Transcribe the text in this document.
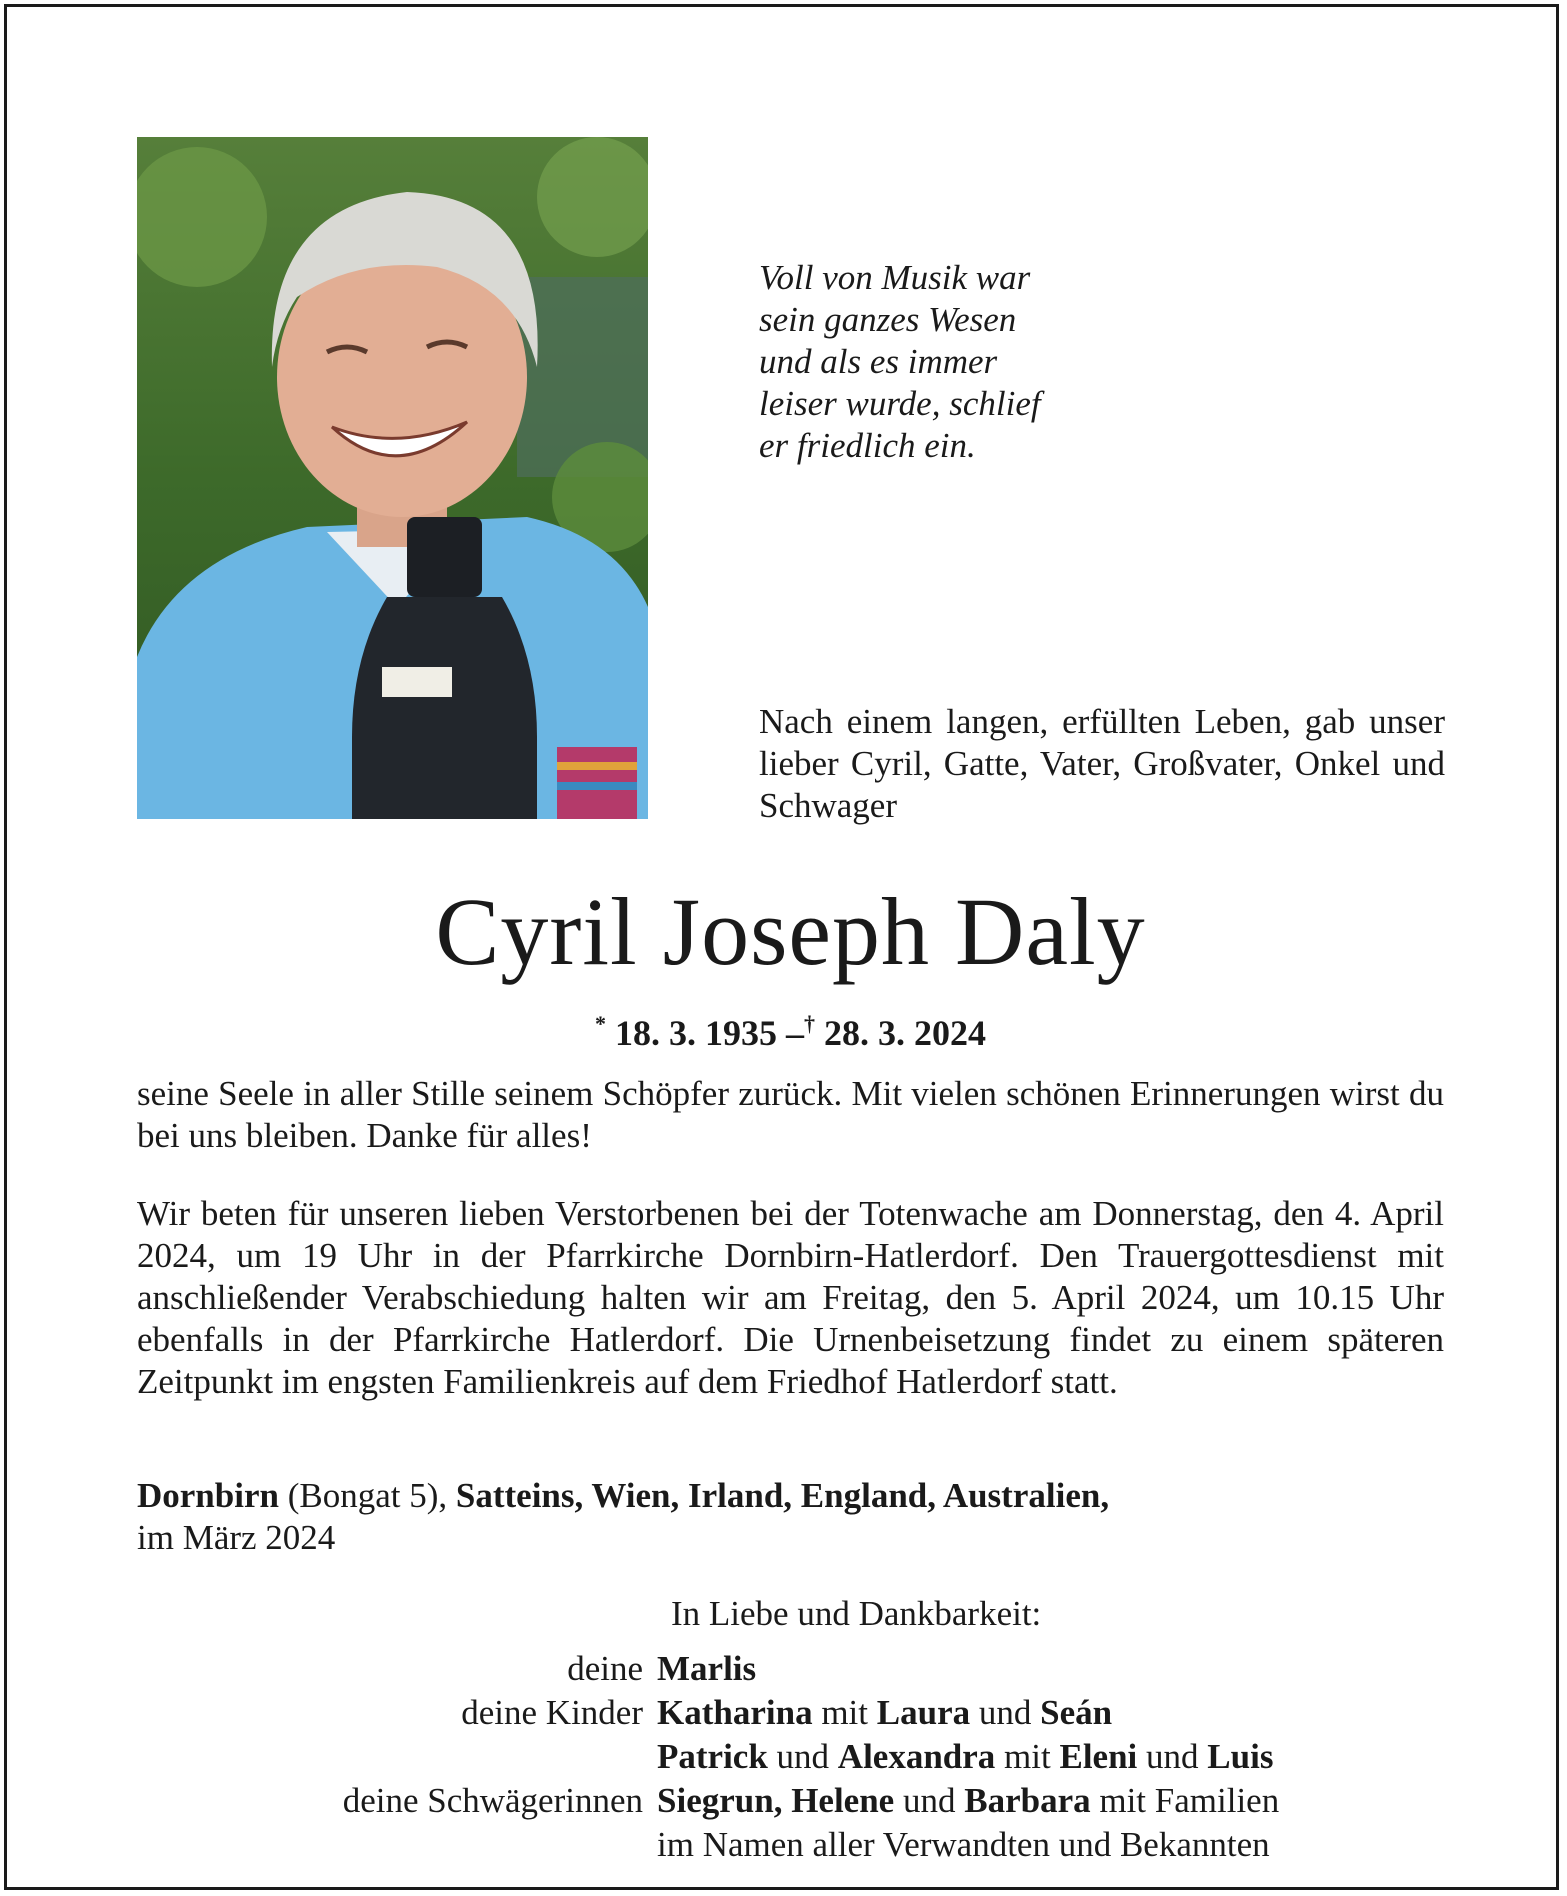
Voll von Musik war
sein ganzes Wesen
und als es immer
leiser wurde, schlief
er friedlich ein.
Nach einem langen, erfüllten Leben, gab unser lieber Cyril, Gatte, Vater, Großvater, Onkel und Schwager
Cyril Joseph Daly
* 18. 3. 1935 –† 28. 3. 2024
seine Seele in aller Stille seinem Schöpfer zurück. Mit vielen schönen Erinnerungen wirst du bei uns bleiben. Danke für alles!
Wir beten für unseren lieben Verstorbenen bei der Totenwache am Donnerstag, den 4. April 2024, um 19 Uhr in der Pfarrkirche Dornbirn-Hatlerdorf. Den Trauergottesdienst mit anschließender Verabschiedung halten wir am Freitag, den 5. April 2024, um 10.15 Uhr ebenfalls in der Pfarrkirche Hatlerdorf. Die Urnenbeisetzung findet zu einem späteren Zeitpunkt im engsten Familienkreis auf dem Friedhof Hatlerdorf statt.
Dornbirn (Bongat 5), Satteins, Wien, Irland, England, Australien,
im März 2024
In Liebe und Dankbarkeit:
deine Marlis
deine Kinder Katharina mit Laura und Seán
Patrick und Alexandra mit Eleni und Luis
deine Schwägerinnen Siegrun, Helene und Barbara mit Familien
im Namen aller Verwandten und Bekannten
